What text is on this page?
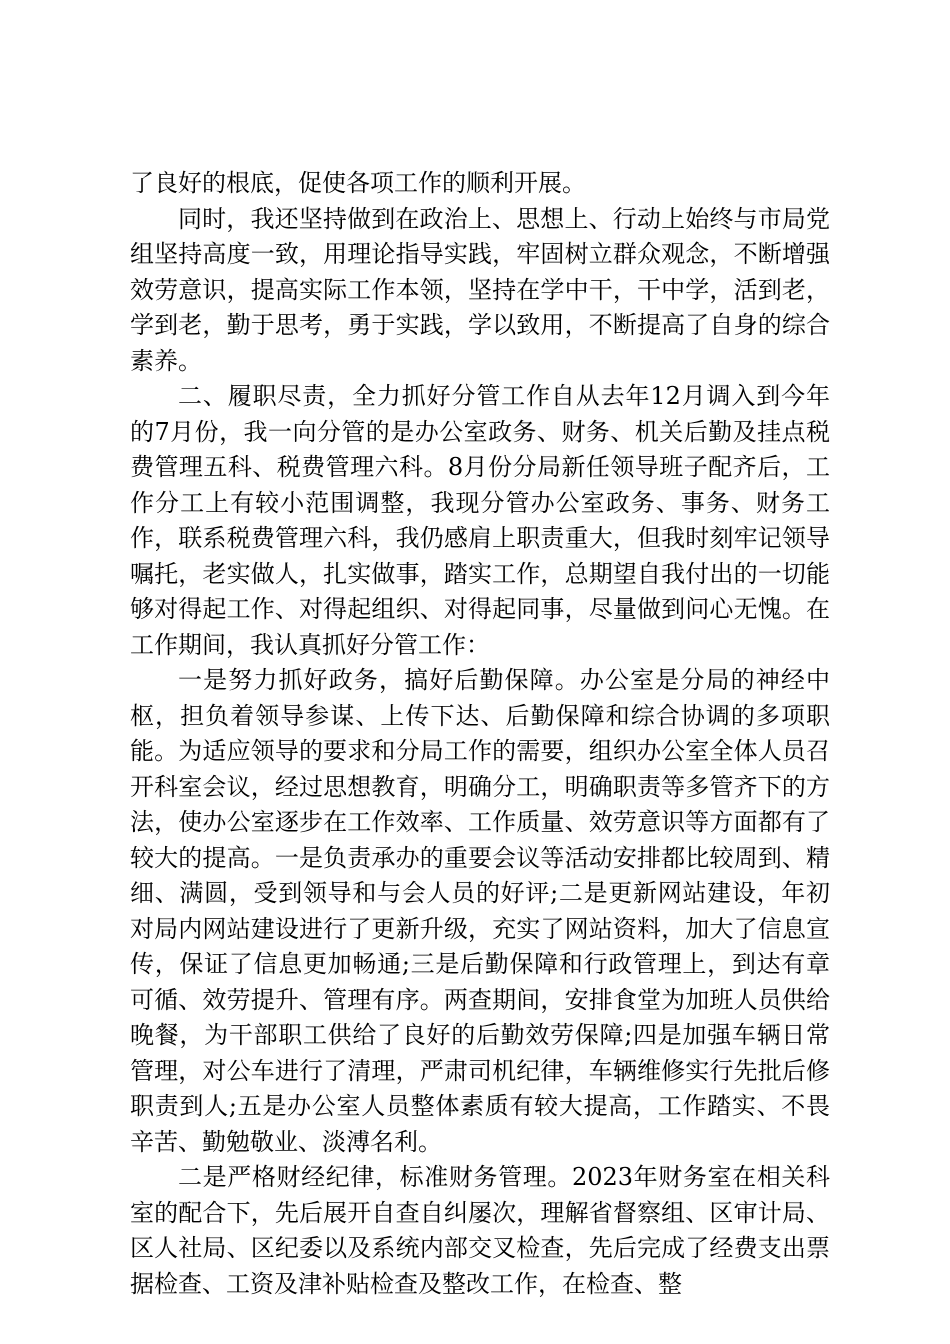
了良好的根底，促使各项工作的顺利开展。

同时，我还坚持做到在政治上、思想上、行动上始终与市局党组坚持高度一致，用理论指导实践，牢固树立群众观念，不断增强效劳意识，提高实际工作本领，坚持在学中干，干中学，活到老，学到老，勤于思考，勇于实践，学以致用，不断提高了自身的综合素养。

二、履职尽责，全力抓好分管工作自从去年12月调入到今年的7月份，我一向分管的是办公室政务、财务、机关后勤及挂点税费管理五科、税费管理六科。8月份分局新任领导班子配齐后，工作分工上有较小范围调整，我现分管办公室政务、事务、财务工作，联系税费管理六科，我仍感肩上职责重大，但我时刻牢记领导嘱托，老实做人，扎实做事，踏实工作，总期望自我付出的一切能够对得起工作、对得起组织、对得起同事，尽量做到问心无愧。在工作期间，我认真抓好分管工作：

一是努力抓好政务，搞好后勤保障。办公室是分局的神经中枢，担负着领导参谋、上传下达、后勤保障和综合协调的多项职能。为适应领导的要求和分局工作的需要，组织办公室全体人员召开科室会议，经过思想教育，明确分工，明确职责等多管齐下的方法，使办公室逐步在工作效率、工作质量、效劳意识等方面都有了较大的提高。一是负责承办的重要会议等活动安排都比较周到、精细、满圆，受到领导和与会人员的好评;二是更新网站建设，年初对局内网站建设进行了更新升级，充实了网站资料，加大了信息宣传，保证了信息更加畅通;三是后勤保障和行政管理上，到达有章可循、效劳提升、管理有序。两查期间，安排食堂为加班人员供给晚餐，为干部职工供给了良好的后勤效劳保障;四是加强车辆日常管理，对公车进行了清理，严肃司机纪律，车辆维修实行先批后修职责到人;五是办公室人员整体素质有较大提高，工作踏实、不畏辛苦、勤勉敬业、淡溥名利。

二是严格财经纪律，标准财务管理。2023年财务室在相关科室的配合下，先后展开自查自纠屡次，理解省督察组、区审计局、区人社局、区纪委以及系统内部交叉检查，先后完成了经费支出票据检查、工资及津补贴检查及整改工作，在检查、整
